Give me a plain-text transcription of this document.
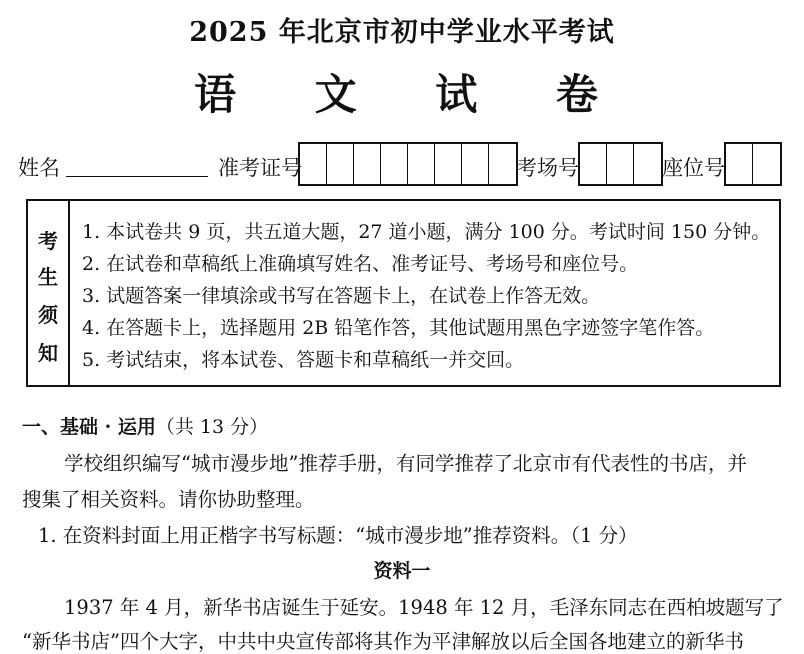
2025 年北京市初中学业水平考试
语 文 试 卷
姓名	准考证号	考场号	座位号
考
生
须
知
1. 本试卷共 9 页，共五道大题，27 道小题，满分 100 分。考试时间 150 分钟。
2. 在试卷和草稿纸上准确填写姓名、准考证号、考场号和座位号。
3. 试题答案一律填涂或书写在答题卡上，在试卷上作答无效。
4. 在答题卡上，选择题用 2B 铅笔作答，其他试题用黑色字迹签字笔作答。
5. 考试结束，将本试卷、答题卡和草稿纸一并交回。
一、基础 · 运用（共 13 分）
学校组织编写“城市漫步地”推荐手册，有同学推荐了北京市有代表性的书店，并
搜集了相关资料。请你协助整理。
1. 在资料封面上用正楷字书写标题：“城市漫步地”推荐资料。（1 分）
资料一
1937 年 4 月，新华书店诞生于延安。1948 年 12 月，毛泽东同志在西柏坡题写了
“新华书店”四个大字，中共中央宣传部将其作为平津解放以后全国各地建立的新华书
